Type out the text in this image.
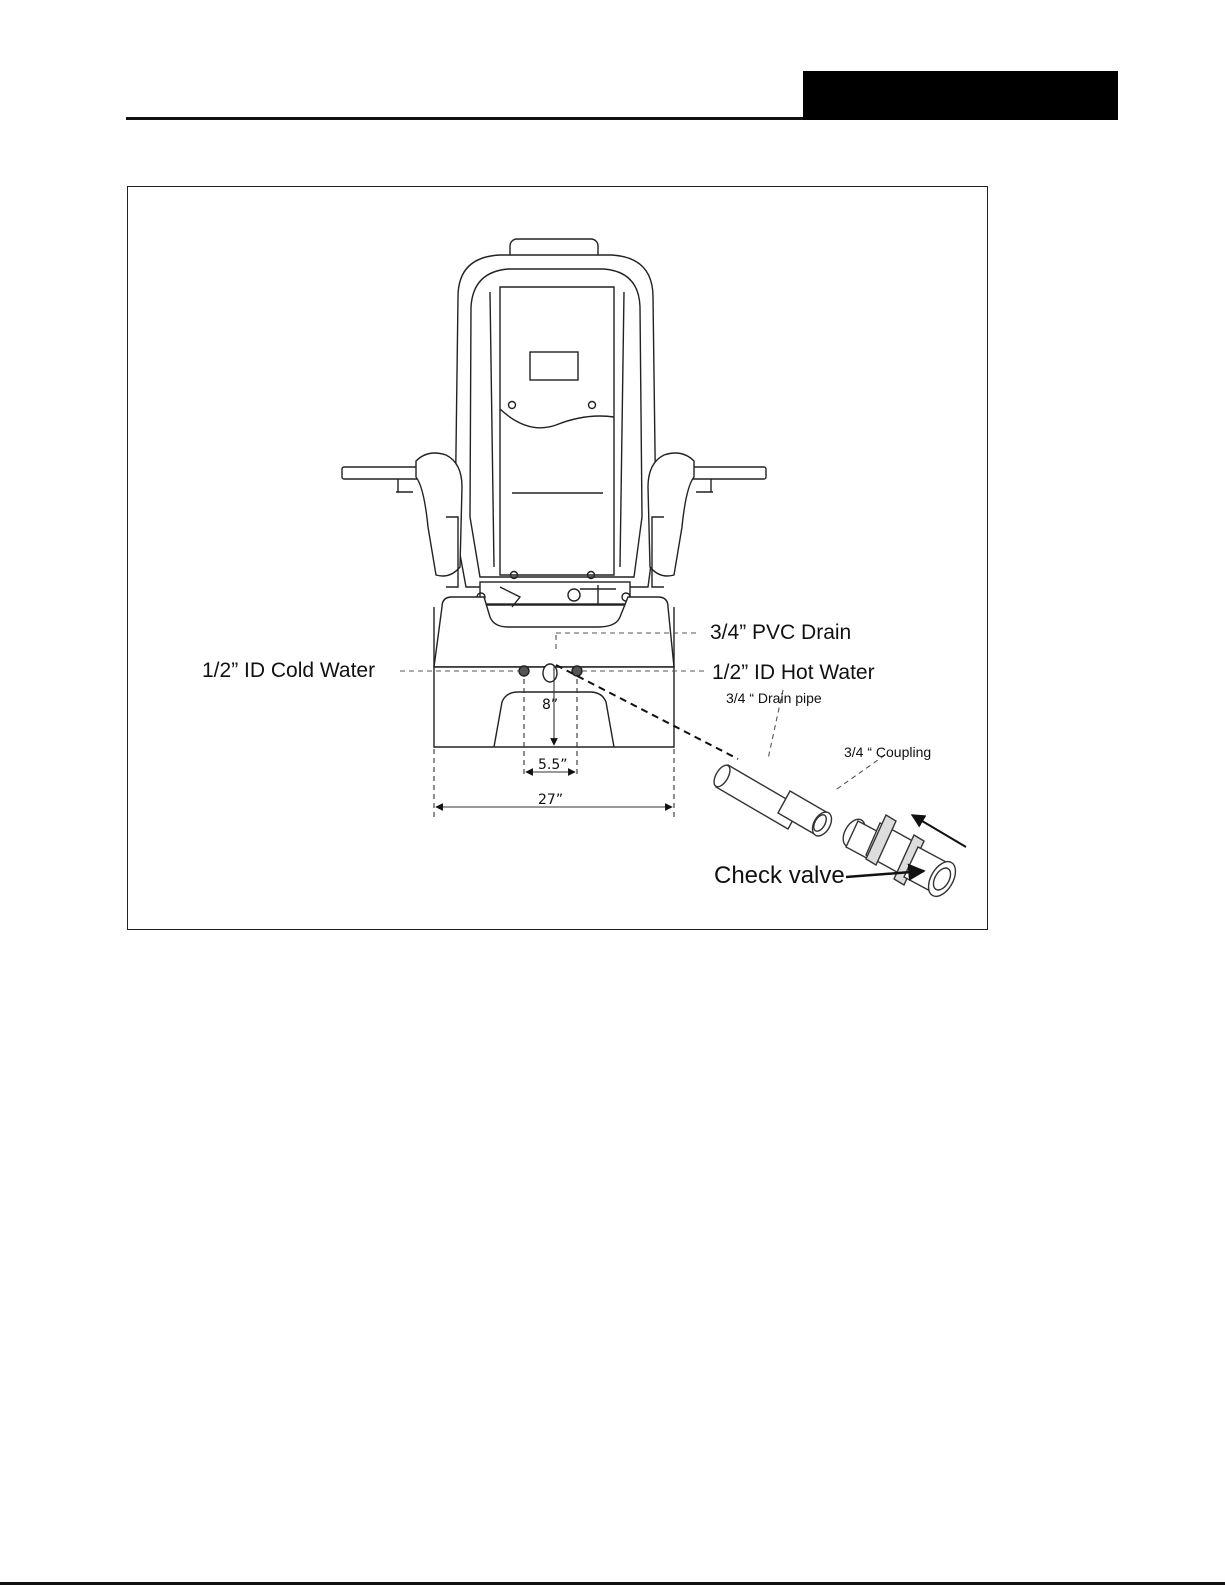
8”
5.5”
27”
3/4” PVC Drain
1/2” ID Cold Water	1/2” ID Hot Water
3/4 “ Drain pipe
3/4 “ Coupling
Check valve
